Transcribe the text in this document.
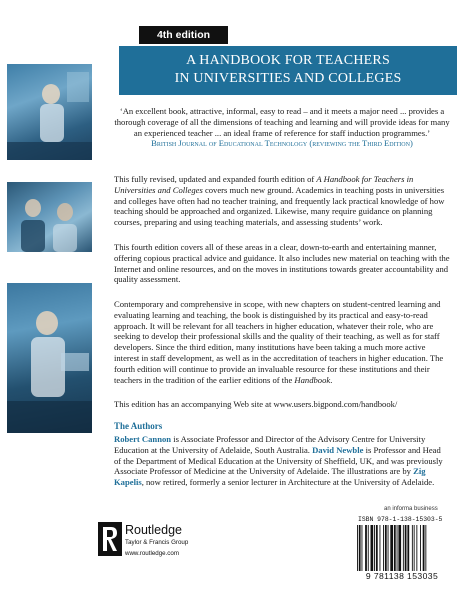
4th edition
A HANDBOOK FOR TEACHERS
IN UNIVERSITIES AND COLLEGES
‘An excellent book, attractive, informal, easy to read – and it meets a major need ... provides a thorough coverage of all the dimensions of teaching and learning and will provide ideas for many an experienced teacher ... an ideal frame of reference for staff induction programmes.’
British Journal of Educational Technology (reviewing the Third Edition)
This fully revised, updated and expanded fourth edition of A Handbook for Teachers in Universities and Colleges covers much new ground. Academics in teaching posts in universities and colleges have often had no teacher training, and frequently lack practical knowledge of how teaching should be approached and organized. Likewise, many require guidance on planning courses, preparing and using teaching materials, and assessing students’ work.
This fourth edition covers all of these areas in a clear, down-to-earth and entertaining manner, offering copious practical advice and guidance. It also includes new material on teaching with the Internet and online resources, and on the moves in institutions towards greater accountability and quality assessment.
Contemporary and comprehensive in scope, with new chapters on student-centred learning and evaluating learning and teaching, the book is distinguished by its practical and easy-to-read approach. It will be relevant for all teachers in higher education, whatever their role, who are seeking to develop their professional skills and the quality of their teaching, as well as for staff developers. Since the third edition, many institutions have been taking a much more active interest in staff development, as well as in the accreditation of teachers in higher education. The fourth edition will continue to provide an invaluable resource for these institutions and their teachers in the tradition of the earlier editions of the Handbook.
This edition has an accompanying Web site at www.users.bigpond.com/handbook/
The Authors
Robert Cannon is Associate Professor and Director of the Advisory Centre for University Education at the University of Adelaide, South Australia. David Newble is Professor and Head of the Department of Medical Education at the University of Sheffield, UK, and was previously Associate Professor of Medicine at the University of Adelaide. The illustrations are by Zig Kapelis, now retired, formerly a senior lecturer in Architecture at the University of Adelaide.
Routledge
Taylor & Francis Group
www.routledge.com
an informa business
ISBN 978-1-138-15303-5
9 781138 153035
